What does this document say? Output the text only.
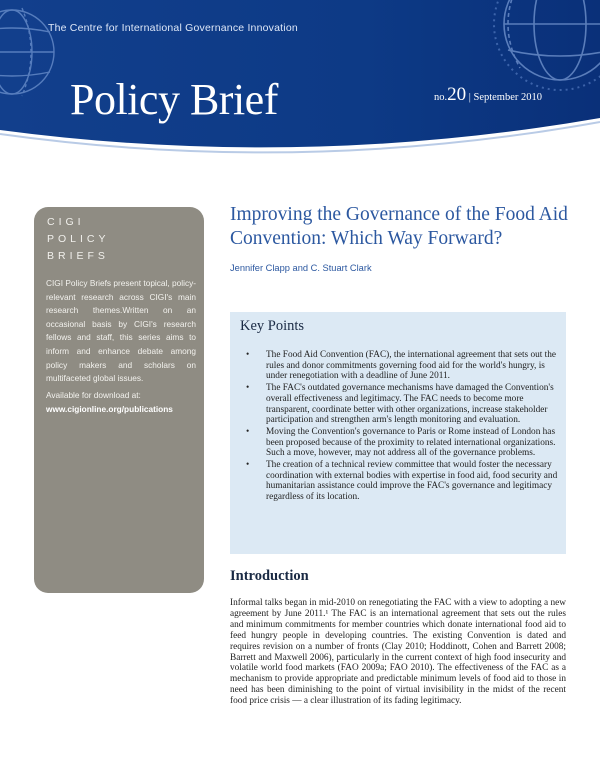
The Centre for International Governance Innovation
Policy Brief	no.20 | September 2010
CIGI
POLICY
BRIEFS
CIGI Policy Briefs present topical, policy-relevant research across CIGI's main research themes.Written on an occasional basis by CIGI's research fellows and staff, this series aims to inform and enhance debate among policy makers and scholars on multifaceted global issues.
Available for download at:
www.cigionline.org/publications
Improving the Governance of the Food Aid Convention: Which Way Forward?
Jennifer Clapp and C. Stuart Clark
Key Points
• The Food Aid Convention (FAC), the international agreement that sets out the rules and donor commitments governing food aid for the world's hungry, is under renegotiation with a deadline of June 2011.
• The FAC's outdated governance mechanisms have damaged the Convention's overall effectiveness and legitimacy. The FAC needs to become more transparent, coordinate better with other organizations, increase stakeholder participation and strengthen arm's length monitoring and evaluation.
• Moving the Convention's governance to Paris or Rome instead of London has been proposed because of the proximity to related international organizations. Such a move, however, may not address all of the governance problems.
• The creation of a technical review committee that would foster the necessary coordination with external bodies with expertise in food aid, food security and humanitarian assistance could improve the FAC's governance and legitimacy regardless of its location.
Introduction
Informal talks began in mid-2010 on renegotiating the FAC with a view to adopting a new agreement by June 2011.¹ The FAC is an international agreement that sets out the rules and minimum commitments for member countries which donate international food aid to feed hungry people in developing countries. The existing Convention is dated and requires revision on a number of fronts (Clay 2010; Hoddinott, Cohen and Barrett 2008; Barrett and Maxwell 2006), particularly in the current context of high food insecurity and volatile world food markets (FAO 2009a; FAO 2010). The effectiveness of the FAC as a mechanism to provide appropriate and predictable minimum levels of food aid to those in need has been diminishing to the point of virtual invisibility in the midst of the recent food price crisis — a clear illustration of its fading legitimacy.
